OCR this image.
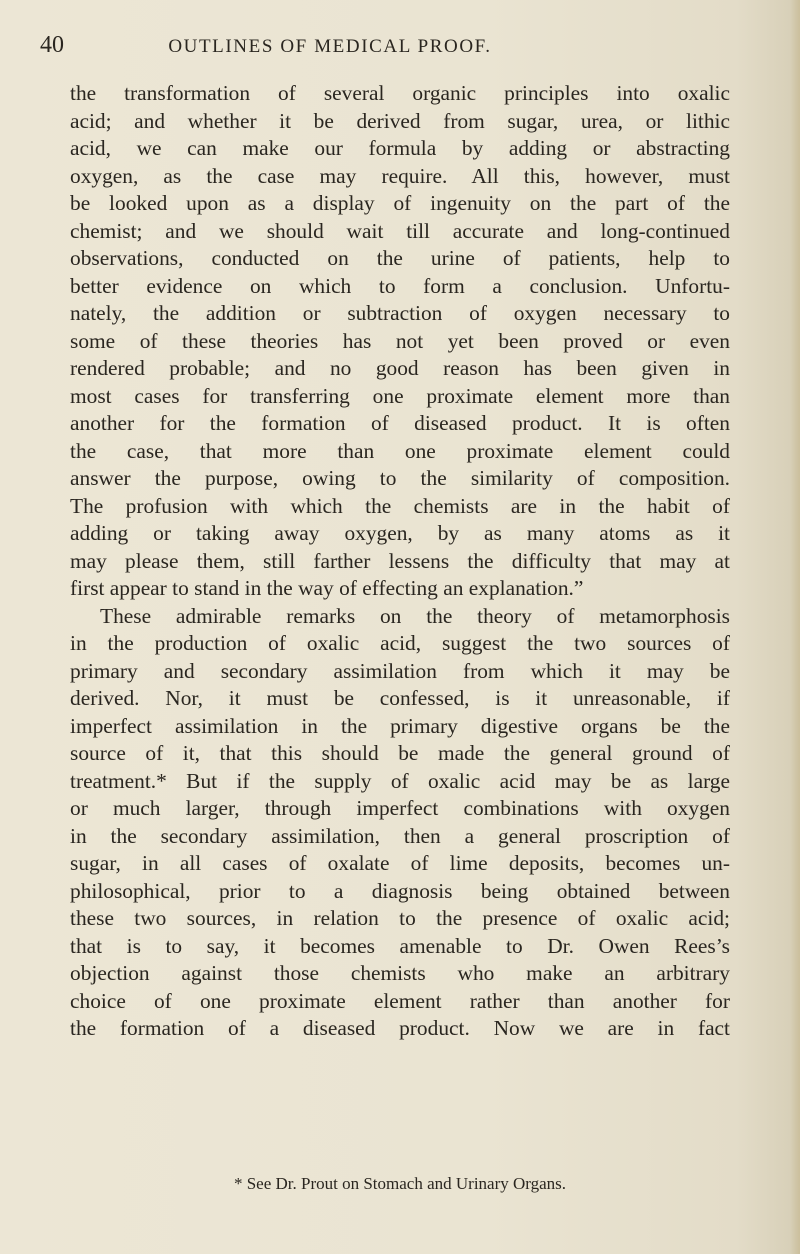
40	OUTLINES OF MEDICAL PROOF.
the transformation of several organic principles into oxalic
acid; and whether it be derived from sugar, urea, or lithic
acid, we can make our formula by adding or abstracting
oxygen, as the case may require. All this, however, must
be looked upon as a display of ingenuity on the part of the
chemist; and we should wait till accurate and long-continued
observations, conducted on the urine of patients, help to
better evidence on which to form a conclusion. Unfortu-
nately, the addition or subtraction of oxygen necessary to
some of these theories has not yet been proved or even
rendered probable; and no good reason has been given in
most cases for transferring one proximate element more than
another for the formation of diseased product. It is often
the case, that more than one proximate element could
answer the purpose, owing to the similarity of composition.
The profusion with which the chemists are in the habit of
adding or taking away oxygen, by as many atoms as it
may please them, still farther lessens the difficulty that may at
first appear to stand in the way of effecting an explanation.”
These admirable remarks on the theory of metamorphosis
in the production of oxalic acid, suggest the two sources of
primary and secondary assimilation from which it may be
derived. Nor, it must be confessed, is it unreasonable, if
imperfect assimilation in the primary digestive organs be the
source of it, that this should be made the general ground of
treatment.* But if the supply of oxalic acid may be as large
or much larger, through imperfect combinations with oxygen
in the secondary assimilation, then a general proscription of
sugar, in all cases of oxalate of lime deposits, becomes un-
philosophical, prior to a diagnosis being obtained between
these two sources, in relation to the presence of oxalic acid;
that is to say, it becomes amenable to Dr. Owen Rees’s
objection against those chemists who make an arbitrary
choice of one proximate element rather than another for
the formation of a diseased product. Now we are in fact
* See Dr. Prout on Stomach and Urinary Organs.
